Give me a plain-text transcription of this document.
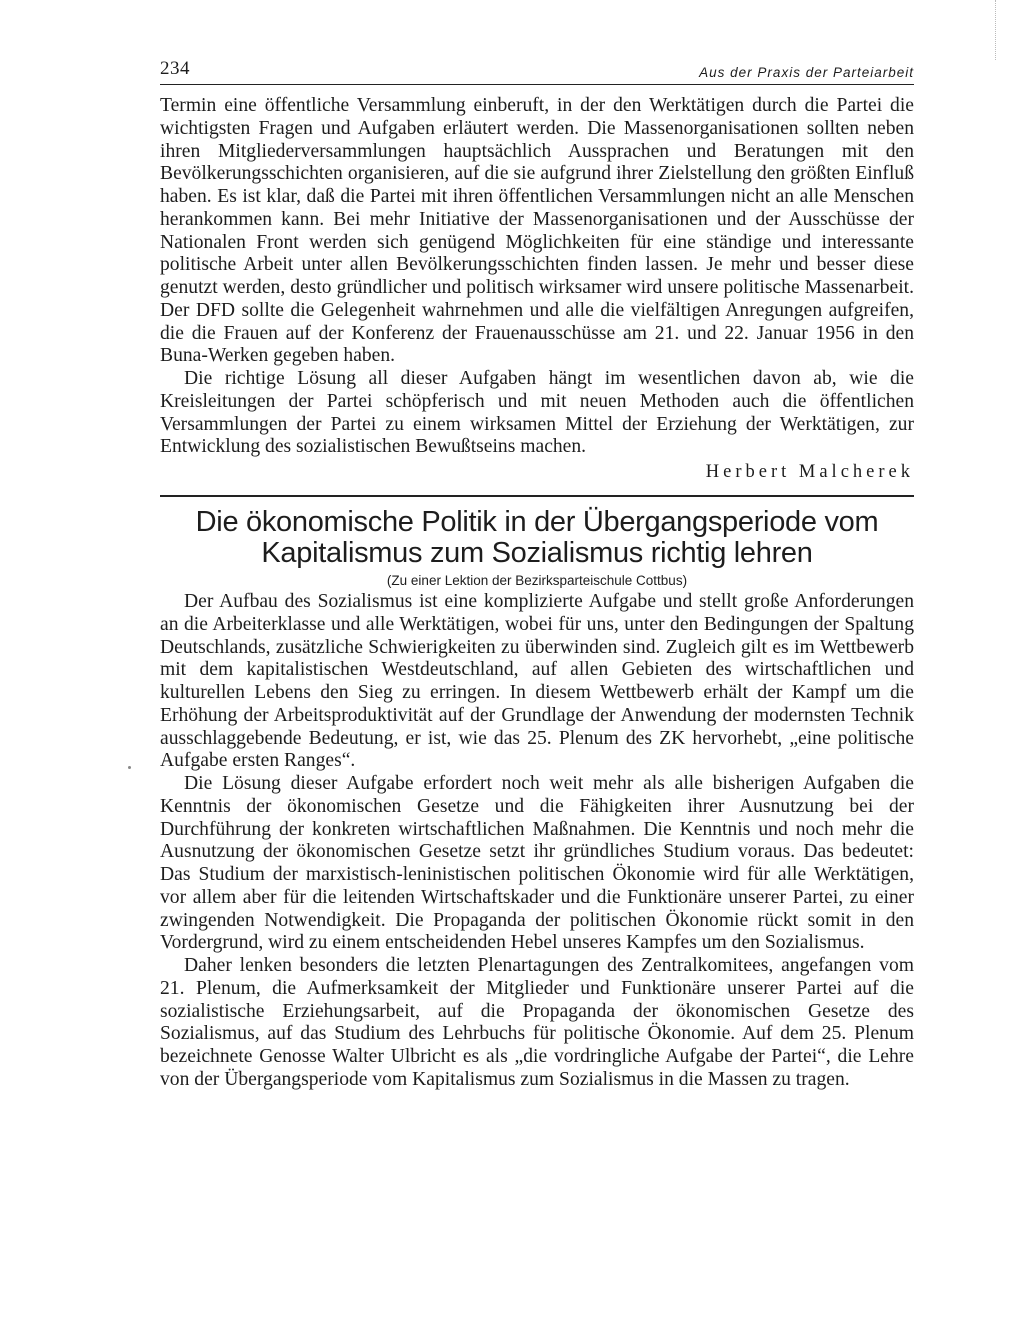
234	Aus der Praxis der Parteiarbeit

Termin eine öffentliche Versammlung einberuft, in der den Werktätigen durch die Partei die wichtigsten Fragen und Aufgaben erläutert werden. Die Massenorganisationen sollten neben ihren Mitgliederversammlungen hauptsächlich Aussprachen und Beratungen mit den Bevölkerungsschichten organisieren, auf die sie aufgrund ihrer Zielstellung den größten Einfluß haben. Es ist klar, daß die Partei mit ihren öffentlichen Versammlungen nicht an alle Menschen herankommen kann. Bei mehr Initiative der Massenorganisationen und der Ausschüsse der Nationalen Front werden sich genügend Möglichkeiten für eine ständige und interessante politische Arbeit unter allen Bevölkerungsschichten finden lassen. Je mehr und besser diese genutzt werden, desto gründlicher und politisch wirksamer wird unsere politische Massenarbeit. Der DFD sollte die Gelegenheit wahrnehmen und alle die vielfältigen Anregungen aufgreifen, die die Frauen auf der Konferenz der Frauenausschüsse am 21. und 22. Januar 1956 in den Buna-Werken gegeben haben.

Die richtige Lösung all dieser Aufgaben hängt im wesentlichen davon ab, wie die Kreisleitungen der Partei schöpferisch und mit neuen Methoden auch die öffentlichen Versammlungen der Partei zu einem wirksamen Mittel der Erziehung der Werktätigen, zur Entwicklung des sozialistischen Bewußtseins machen.

Herbert Malcherek
Die ökonomische Politik in der Übergangsperiode vom
Kapitalismus zum Sozialismus richtig lehren
(Zu einer Lektion der Bezirksparteischule Cottbus)

Der Aufbau des Sozialismus ist eine komplizierte Aufgabe und stellt große Anforderungen an die Arbeiterklasse und alle Werktätigen, wobei für uns, unter den Bedingungen der Spaltung Deutschlands, zusätzliche Schwierigkeiten zu überwinden sind. Zugleich gilt es im Wettbewerb mit dem kapitalistischen Westdeutschland, auf allen Gebieten des wirtschaftlichen und kulturellen Lebens den Sieg zu erringen. In diesem Wettbewerb erhält der Kampf um die Erhöhung der Arbeitsproduktivität auf der Grundlage der Anwendung der modernsten Technik ausschlaggebende Bedeutung, er ist, wie das 25. Plenum des ZK hervorhebt, „eine politische Aufgabe ersten Ranges“.

Die Lösung dieser Aufgabe erfordert noch weit mehr als alle bisherigen Aufgaben die Kenntnis der ökonomischen Gesetze und die Fähigkeiten ihrer Ausnutzung bei der Durchführung der konkreten wirtschaftlichen Maßnahmen. Die Kenntnis und noch mehr die Ausnutzung der ökonomischen Gesetze setzt ihr gründliches Studium voraus. Das bedeutet: Das Studium der marxistisch-leninistischen politischen Ökonomie wird für alle Werktätigen, vor allem aber für die leitenden Wirtschaftskader und die Funktionäre unserer Partei, zu einer zwingenden Notwendigkeit. Die Propaganda der politischen Ökonomie rückt somit in den Vordergrund, wird zu einem entscheidenden Hebel unseres Kampfes um den Sozialismus.

Daher lenken besonders die letzten Plenartagungen des Zentralkomitees, angefangen vom 21. Plenum, die Aufmerksamkeit der Mitglieder und Funktionäre unserer Partei auf die sozialistische Erziehungsarbeit, auf die Propaganda der ökonomischen Gesetze des Sozialismus, auf das Studium des Lehrbuchs für politische Ökonomie. Auf dem 25. Plenum bezeichnete Genosse Walter Ulbricht es als „die vordringliche Aufgabe der Partei“, die Lehre von der Übergangsperiode vom Kapitalismus zum Sozialismus in die Massen zu tragen.
